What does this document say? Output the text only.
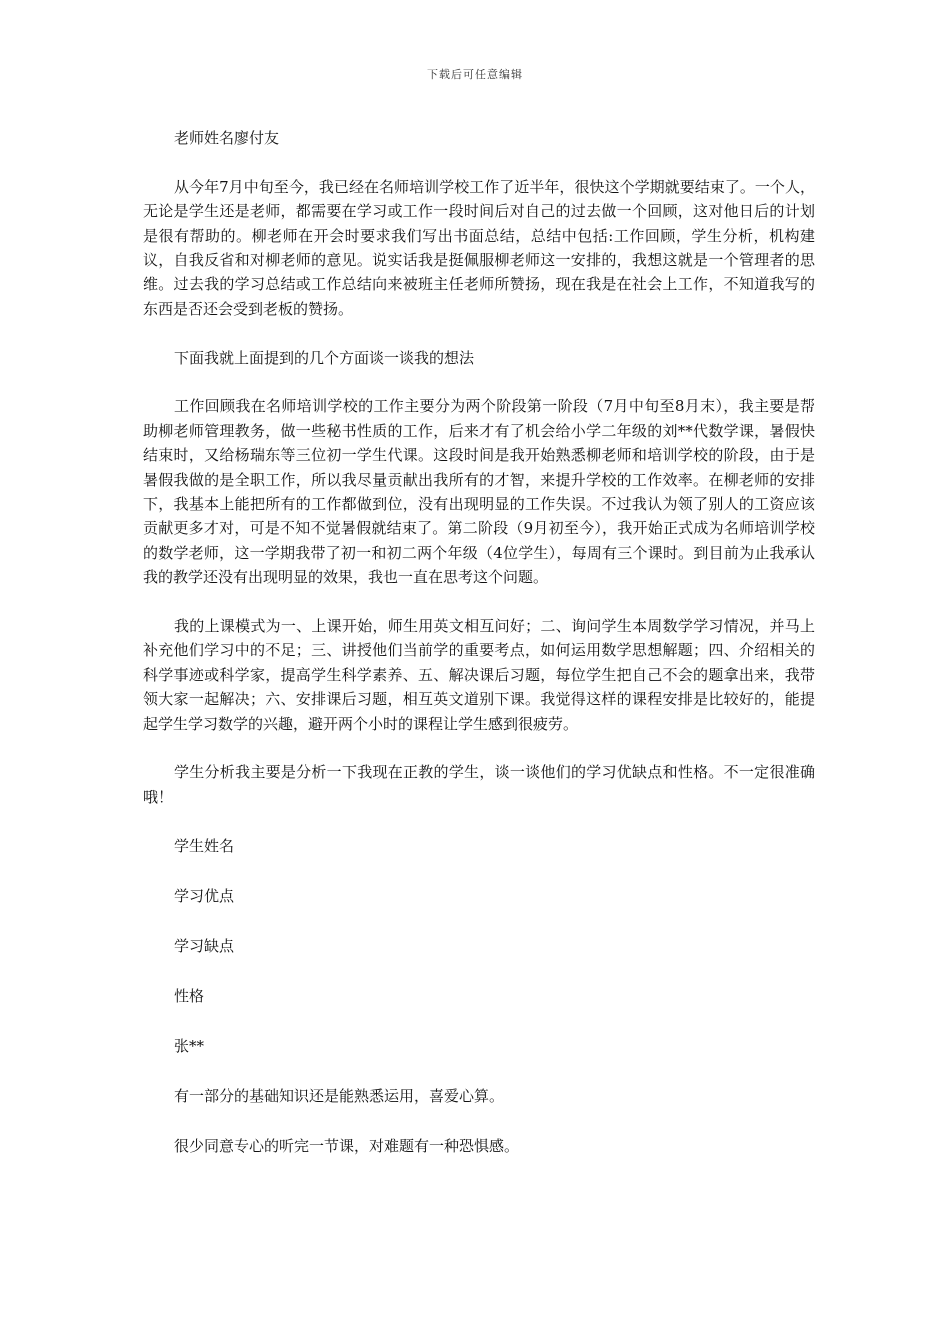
下载后可任意编辑

老师姓名廖付友

从今年7月中旬至今，我已经在名师培训学校工作了近半年，很快这个学期就要结束了。一个人，无论是学生还是老师，都需要在学习或工作一段时间后对自己的过去做一个回顾，这对他日后的计划是很有帮助的。柳老师在开会时要求我们写出书面总结，总结中包括:工作回顾，学生分析，机构建议，自我反省和对柳老师的意见。说实话我是挺佩服柳老师这一安排的，我想这就是一个管理者的思维。过去我的学习总结或工作总结向来被班主任老师所赞扬，现在我是在社会上工作，不知道我写的东西是否还会受到老板的赞扬。

下面我就上面提到的几个方面谈一谈我的想法

工作回顾我在名师培训学校的工作主要分为两个阶段第一阶段（7月中旬至8月末），我主要是帮助柳老师管理教务，做一些秘书性质的工作，后来才有了机会给小学二年级的刘**代数学课，暑假快结束时，又给杨瑞东等三位初一学生代课。这段时间是我开始熟悉柳老师和培训学校的阶段，由于是暑假我做的是全职工作，所以我尽量贡献出我所有的才智，来提升学校的工作效率。在柳老师的安排下，我基本上能把所有的工作都做到位，没有出现明显的工作失误。不过我认为领了别人的工资应该贡献更多才对，可是不知不觉暑假就结束了。第二阶段（9月初至今），我开始正式成为名师培训学校的数学老师，这一学期我带了初一和初二两个年级（4位学生），每周有三个课时。到目前为止我承认我的教学还没有出现明显的效果，我也一直在思考这个问题。

我的上课模式为一、上课开始，师生用英文相互问好；二、询问学生本周数学学习情况，并马上补充他们学习中的不足；三、讲授他们当前学的重要考点，如何运用数学思想解题；四、介绍相关的科学事迹或科学家，提高学生科学素养、五、解决课后习题，每位学生把自己不会的题拿出来，我带领大家一起解决；六、安排课后习题，相互英文道别下课。我觉得这样的课程安排是比较好的，能提起学生学习数学的兴趣，避开两个小时的课程让学生感到很疲劳。

学生分析我主要是分析一下我现在正教的学生，谈一谈他们的学习优缺点和性格。不一定很准确哦！

学生姓名

学习优点

学习缺点

性格

张**

有一部分的基础知识还是能熟悉运用，喜爱心算。

很少同意专心的听完一节课，对难题有一种恐惧感。
